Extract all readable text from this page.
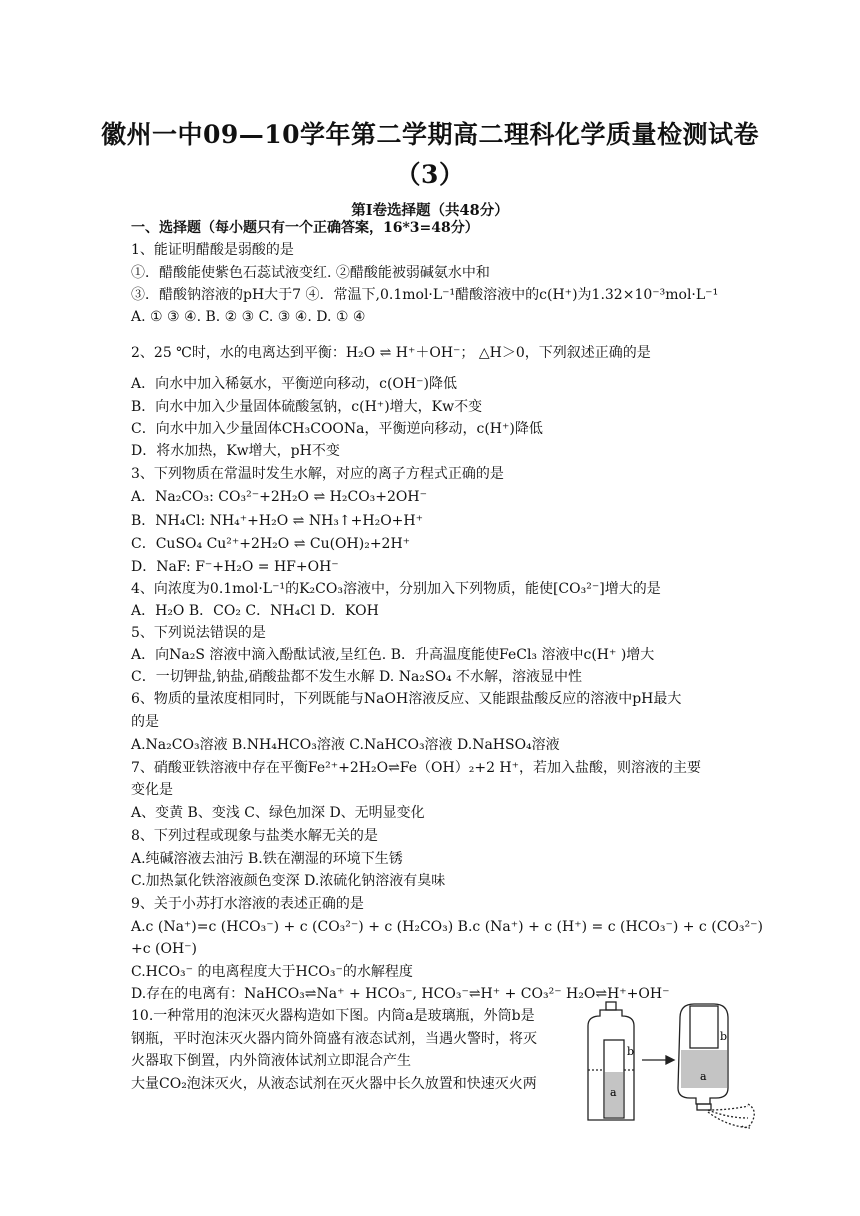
徽州一中09—10学年第二学期高二理科化学质量检测试卷
（3）
第Ⅰ卷选择题（共48分）
一、选择题（每小题只有一个正确答案，16*3=48分）
1、能证明醋酸是弱酸的是
①．醋酸能使紫色石蕊试液变红. ②醋酸能被弱碱氨水中和
③．醋酸钠溶液的pH大于7 ④．常温下,0.1mol·L⁻¹醋酸溶液中的c(H⁺)为1.32×10⁻³mol·L⁻¹
A. ① ③ ④. B. ② ③ C. ③ ④. D. ① ④
2、25 ℃时，水的电离达到平衡：H₂O ⇌ H⁺＋OH⁻； △H＞0，下列叙述正确的是
A．向水中加入稀氨水，平衡逆向移动，c(OH⁻)降低
B．向水中加入少量固体硫酸氢钠，c(H⁺)增大，Kw不变
C．向水中加入少量固体CH₃COONa，平衡逆向移动，c(H⁺)降低
D．将水加热，Kw增大，pH不变
3、下列物质在常温时发生水解，对应的离子方程式正确的是
A．Na₂CO₃: CO₃²⁻+2H₂O ⇌ H₂CO₃+2OH⁻
B．NH₄Cl: NH₄⁺+H₂O ⇌ NH₃↑+H₂O+H⁺
C．CuSO₄ Cu²⁺+2H₂O ⇌ Cu(OH)₂+2H⁺
D．NaF: F⁻+H₂O = HF+OH⁻
4、向浓度为0.1mol·L⁻¹的K₂CO₃溶液中，分别加入下列物质，能使[CO₃²⁻]增大的是
A．H₂O B．CO₂ C．NH₄Cl D．KOH
5、下列说法错误的是
A．向Na₂S 溶液中滴入酚酞试液,呈红色. B．升高温度能使FeCl₃ 溶液中c(H⁺ )增大
C．一切钾盐,钠盐,硝酸盐都不发生水解 D. Na₂SO₄ 不水解，溶液显中性
6、物质的量浓度相同时，下列既能与NaOH溶液反应、又能跟盐酸反应的溶液中pH最大
的是
A.Na₂CO₃溶液 B.NH₄HCO₃溶液 C.NaHCO₃溶液 D.NaHSO₄溶液
7、硝酸亚铁溶液中存在平衡Fe²⁺+2H₂O⇌Fe（OH）₂+2 H⁺，若加入盐酸，则溶液的主要
变化是
A、变黄 B、变浅 C、绿色加深 D、无明显变化
8、下列过程或现象与盐类水解无关的是
A.纯碱溶液去油污 B.铁在潮湿的环境下生锈
C.加热氯化铁溶液颜色变深 D.浓硫化钠溶液有臭味
9、关于小苏打水溶液的表述正确的是
A.c (Na⁺)=c (HCO₃⁻) + c (CO₃²⁻) + c (H₂CO₃) B.c (Na⁺) + c (H⁺) = c (HCO₃⁻) + c (CO₃²⁻)
+c (OH⁻)
C.HCO₃⁻ 的电离程度大于HCO₃⁻的水解程度
D.存在的电离有：NaHCO₃⇌Na⁺ + HCO₃⁻, HCO₃⁻⇌H⁺ + CO₃²⁻ H₂O⇌H⁺+OH⁻
10.一种常用的泡沫灭火器构造如下图。内筒a是玻璃瓶，外筒b是
钢瓶，平时泡沫灭火器内筒外筒盛有液态试剂，当遇火警时，将灭
火器取下倒置，内外筒液体试剂立即混合产生
大量CO₂泡沫灭火，从液态试剂在灭火器中长久放置和快速灭火两
b
a
a
b
